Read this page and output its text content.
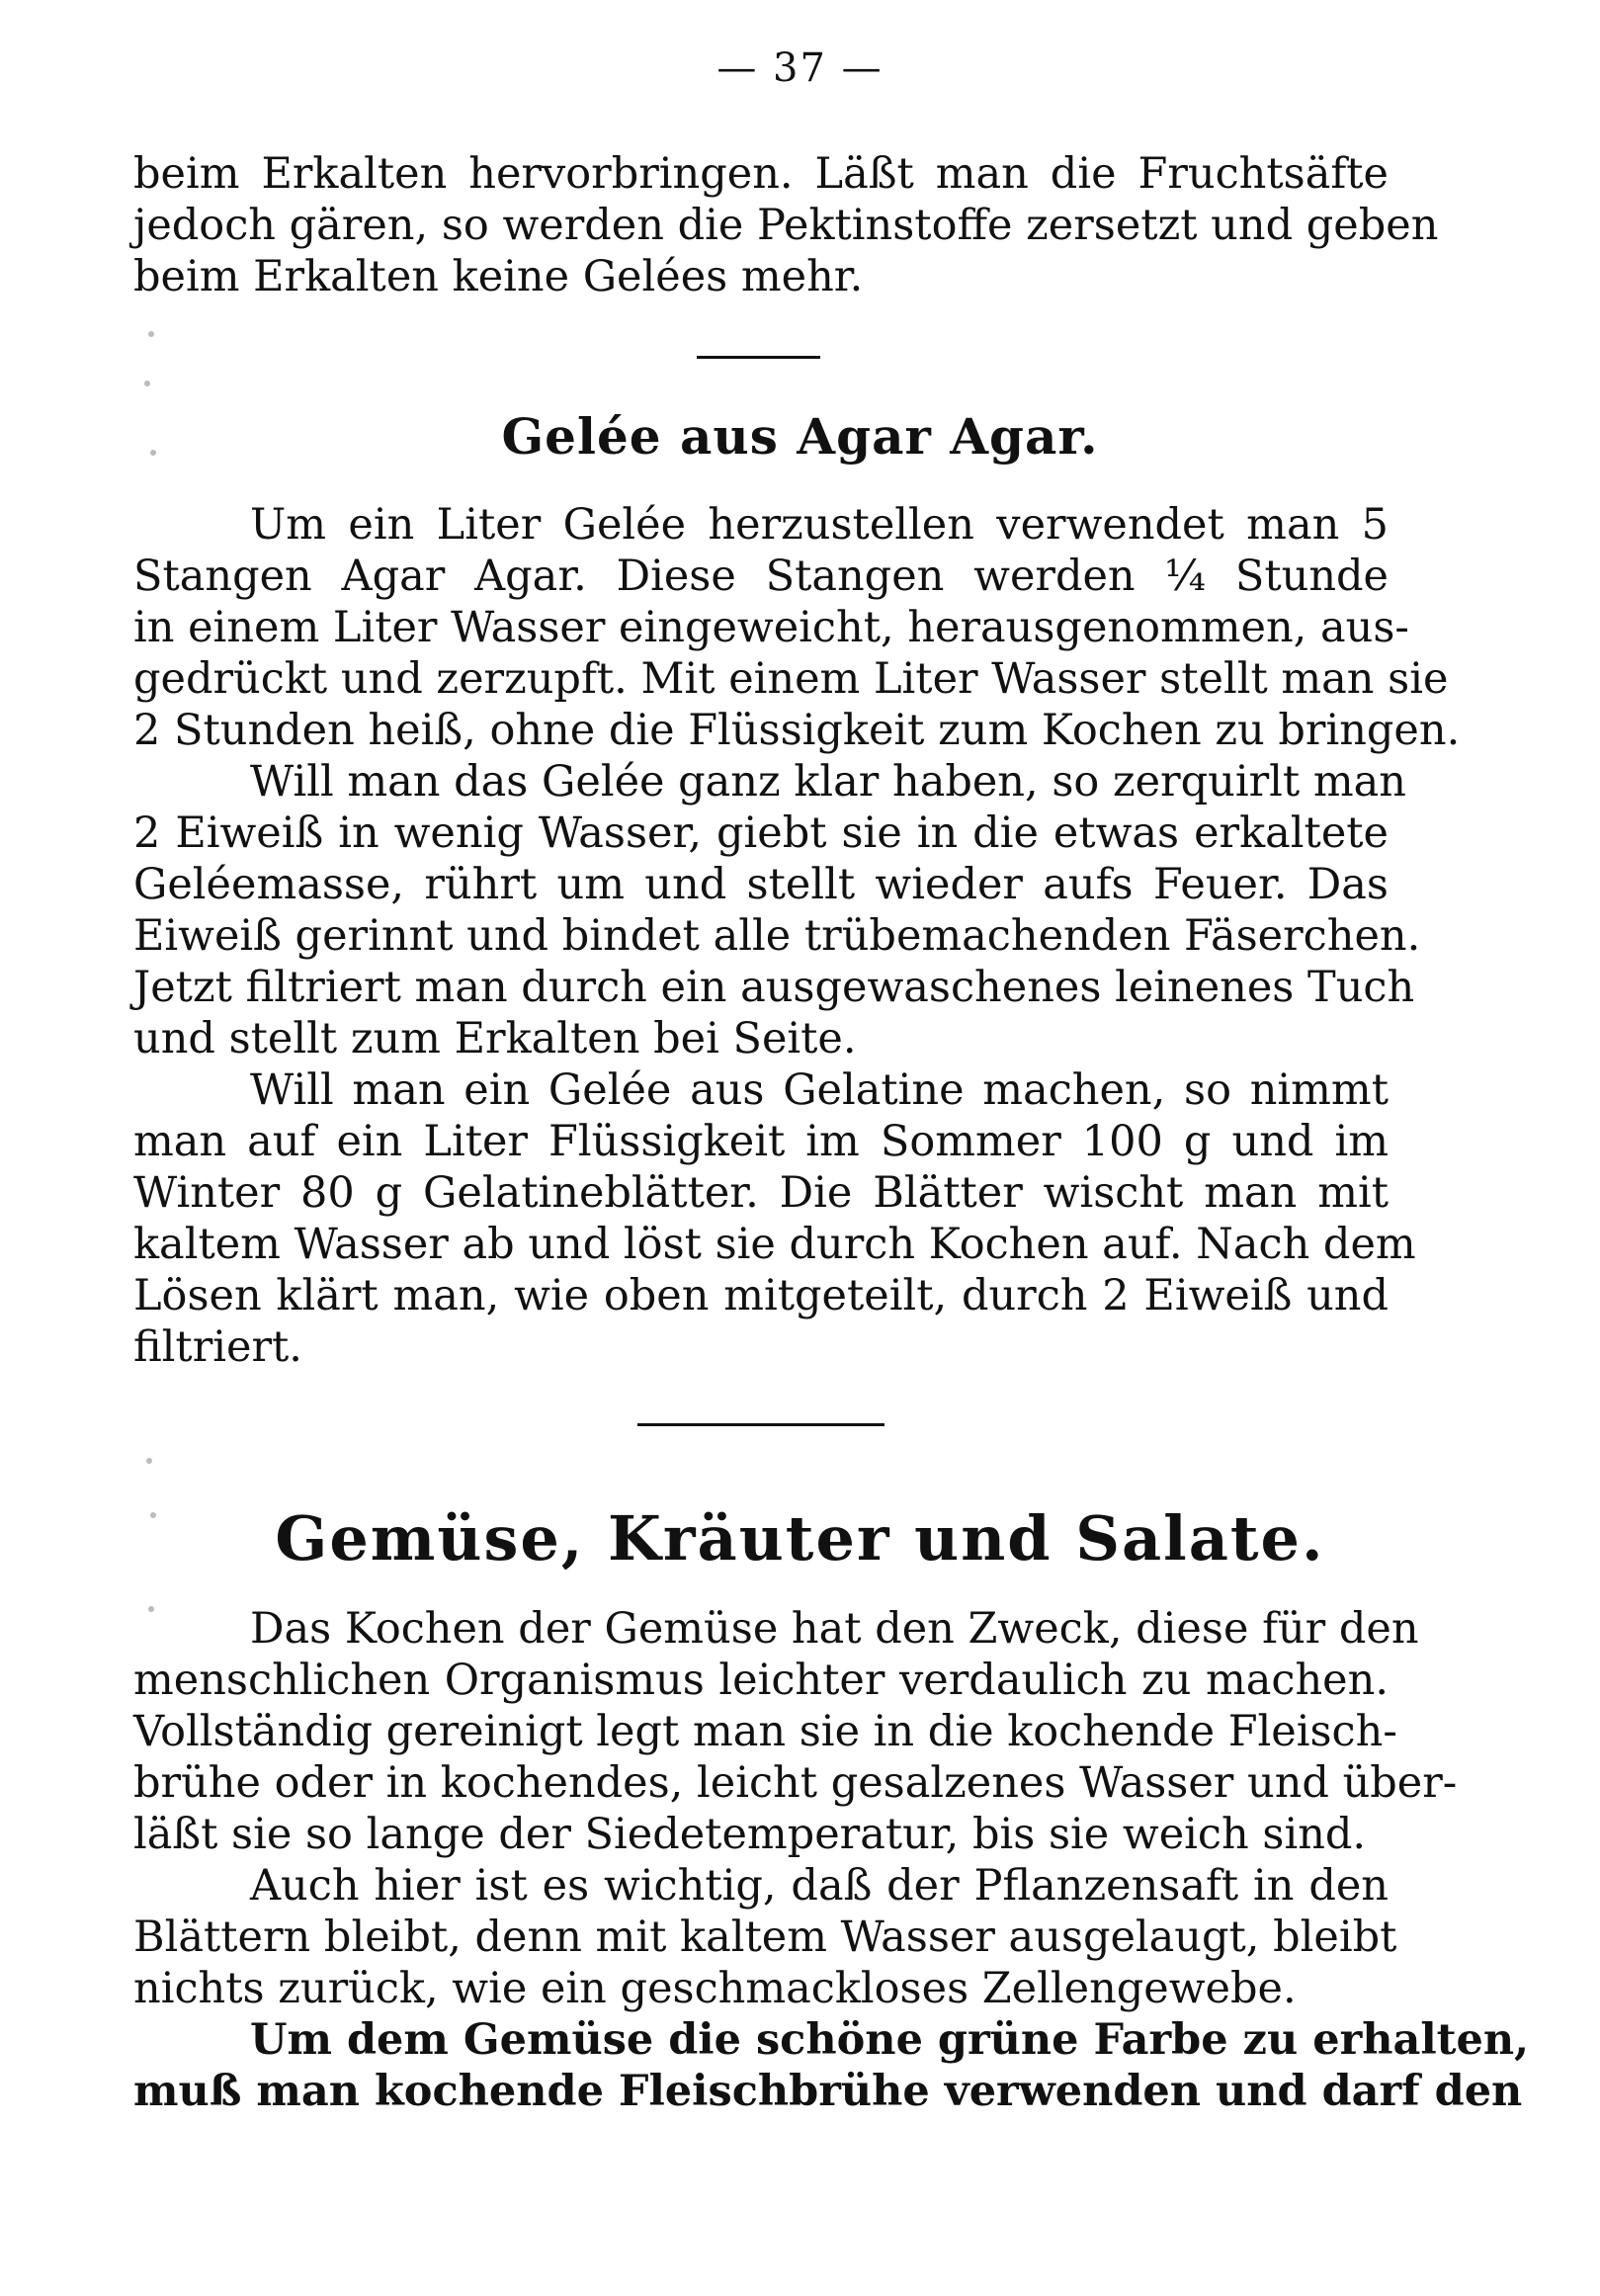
— 37 —
beim Erkalten hervorbringen. Läßt man die Fruchtsäfte
jedoch gären, so werden die Pektinstoffe zersetzt und geben
beim Erkalten keine Gelées mehr.
Gelée aus Agar Agar.
Um ein Liter Gelée herzustellen verwendet man 5
Stangen Agar Agar. Diese Stangen werden ¼ Stunde
in einem Liter Wasser eingeweicht, herausgenommen, aus-
gedrückt und zerzupft. Mit einem Liter Wasser stellt man sie
2 Stunden heiß, ohne die Flüssigkeit zum Kochen zu bringen.
Will man das Gelée ganz klar haben, so zerquirlt man
2 Eiweiß in wenig Wasser, giebt sie in die etwas erkaltete
Geléemasse, rührt um und stellt wieder aufs Feuer. Das
Eiweiß gerinnt und bindet alle trübemachenden Fäserchen.
Jetzt filtriert man durch ein ausgewaschenes leinenes Tuch
und stellt zum Erkalten bei Seite.
Will man ein Gelée aus Gelatine machen, so nimmt
man auf ein Liter Flüssigkeit im Sommer 100 g und im
Winter 80 g Gelatineblätter. Die Blätter wischt man mit
kaltem Wasser ab und löst sie durch Kochen auf. Nach dem
Lösen klärt man, wie oben mitgeteilt, durch 2 Eiweiß und
filtriert.
Gemüse, Kräuter und Salate.
Das Kochen der Gemüse hat den Zweck, diese für den
menschlichen Organismus leichter verdaulich zu machen.
Vollständig gereinigt legt man sie in die kochende Fleisch-
brühe oder in kochendes, leicht gesalzenes Wasser und über-
läßt sie so lange der Siedetemperatur, bis sie weich sind.
Auch hier ist es wichtig, daß der Pflanzensaft in den
Blättern bleibt, denn mit kaltem Wasser ausgelaugt, bleibt
nichts zurück, wie ein geschmackloses Zellengewebe.
Um dem Gemüse die schöne grüne Farbe zu erhalten,
muß man kochende Fleischbrühe verwenden und darf den
